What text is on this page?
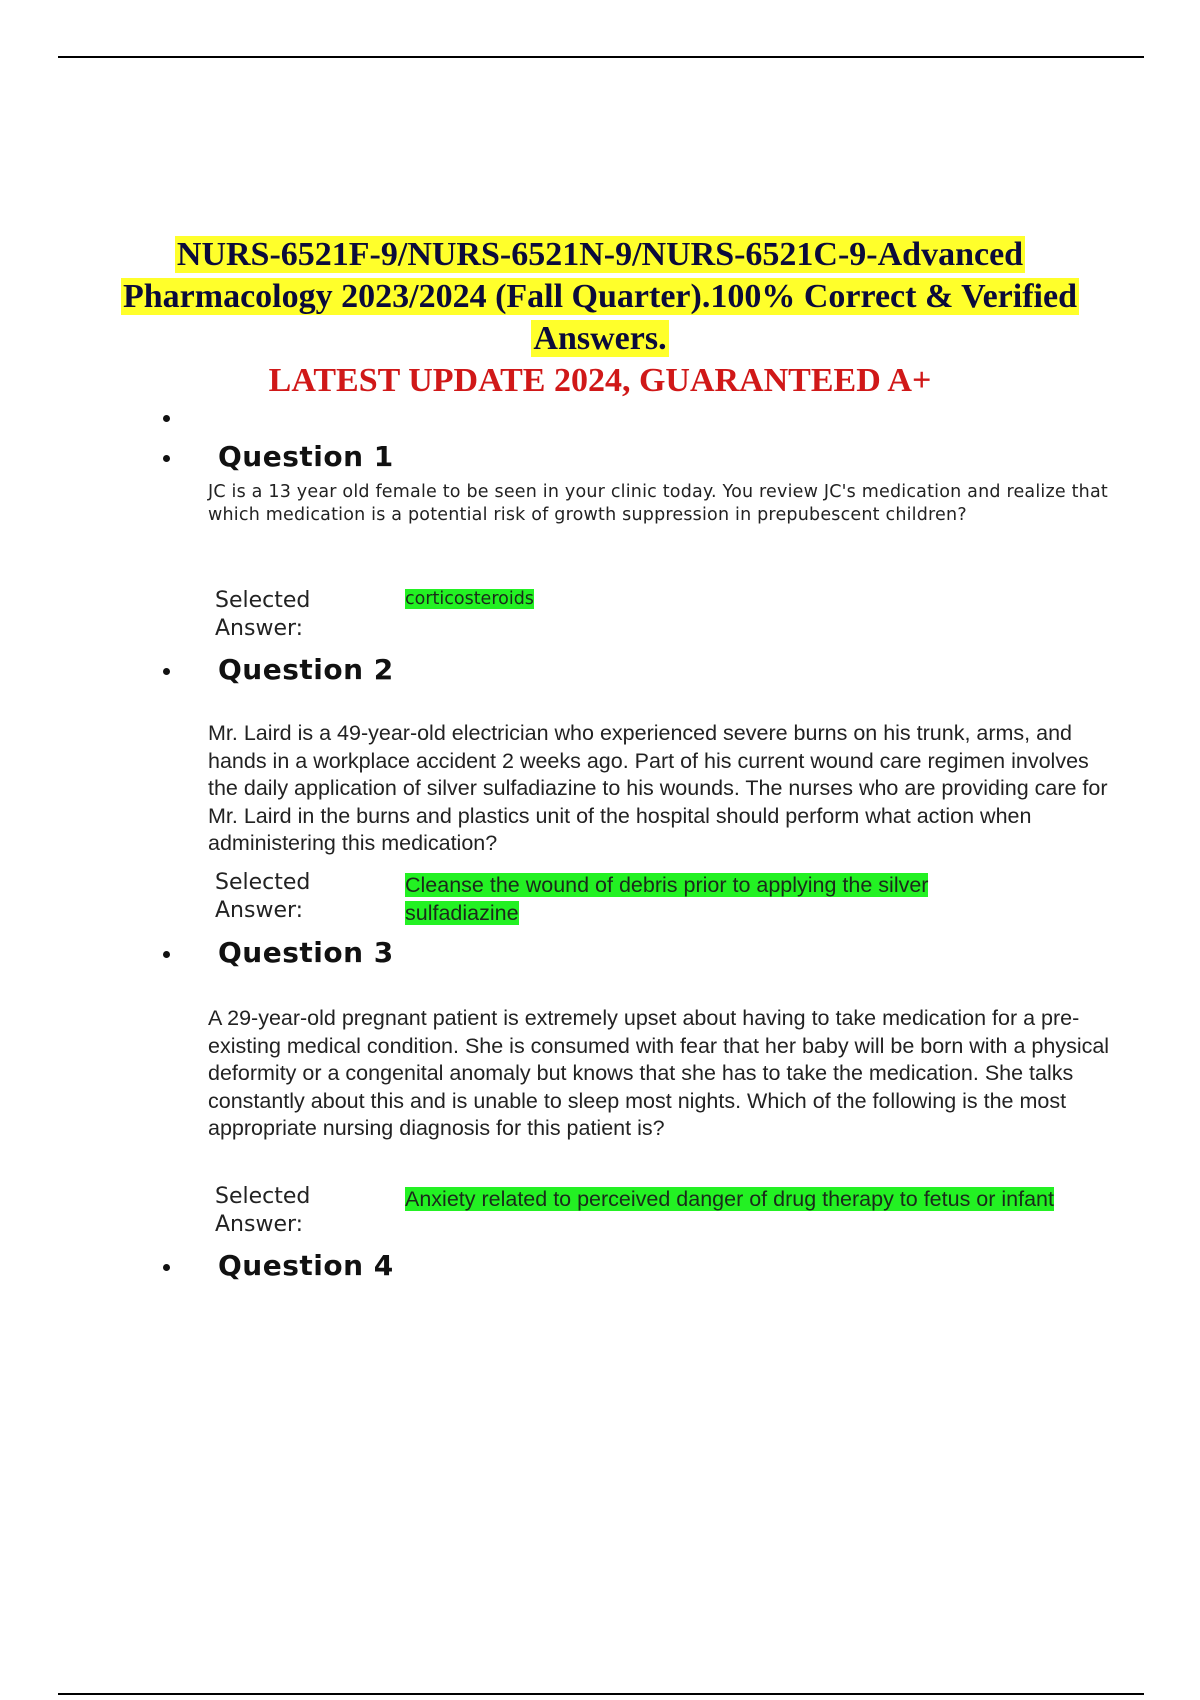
NURS-6521F-9/NURS-6521N-9/NURS-6521C-9-Advanced Pharmacology 2023/2024 (Fall Quarter).100% Correct & Verified Answers.
LATEST UPDATE 2024, GUARANTEED A+
Question 1
JC is a 13 year old female to be seen in your clinic today. You review JC's medication and realize that which medication is a potential risk of growth suppression in prepubescent children?
Selected Answer:
corticosteroids
Question 2
Mr. Laird is a 49-year-old electrician who experienced severe burns on his trunk, arms, and hands in a workplace accident 2 weeks ago. Part of his current wound care regimen involves the daily application of silver sulfadiazine to his wounds. The nurses who are providing care for Mr. Laird in the burns and plastics unit of the hospital should perform what action when administering this medication?
Selected Answer:
Cleanse the wound of debris prior to applying the silver sulfadiazine
Question 3
A 29-year-old pregnant patient is extremely upset about having to take medication for a pre-existing medical condition. She is consumed with fear that her baby will be born with a physical deformity or a congenital anomaly but knows that she has to take the medication. She talks constantly about this and is unable to sleep most nights. Which of the following is the most appropriate nursing diagnosis for this patient is?
Selected Answer:
Anxiety related to perceived danger of drug therapy to fetus or infant
Question 4
